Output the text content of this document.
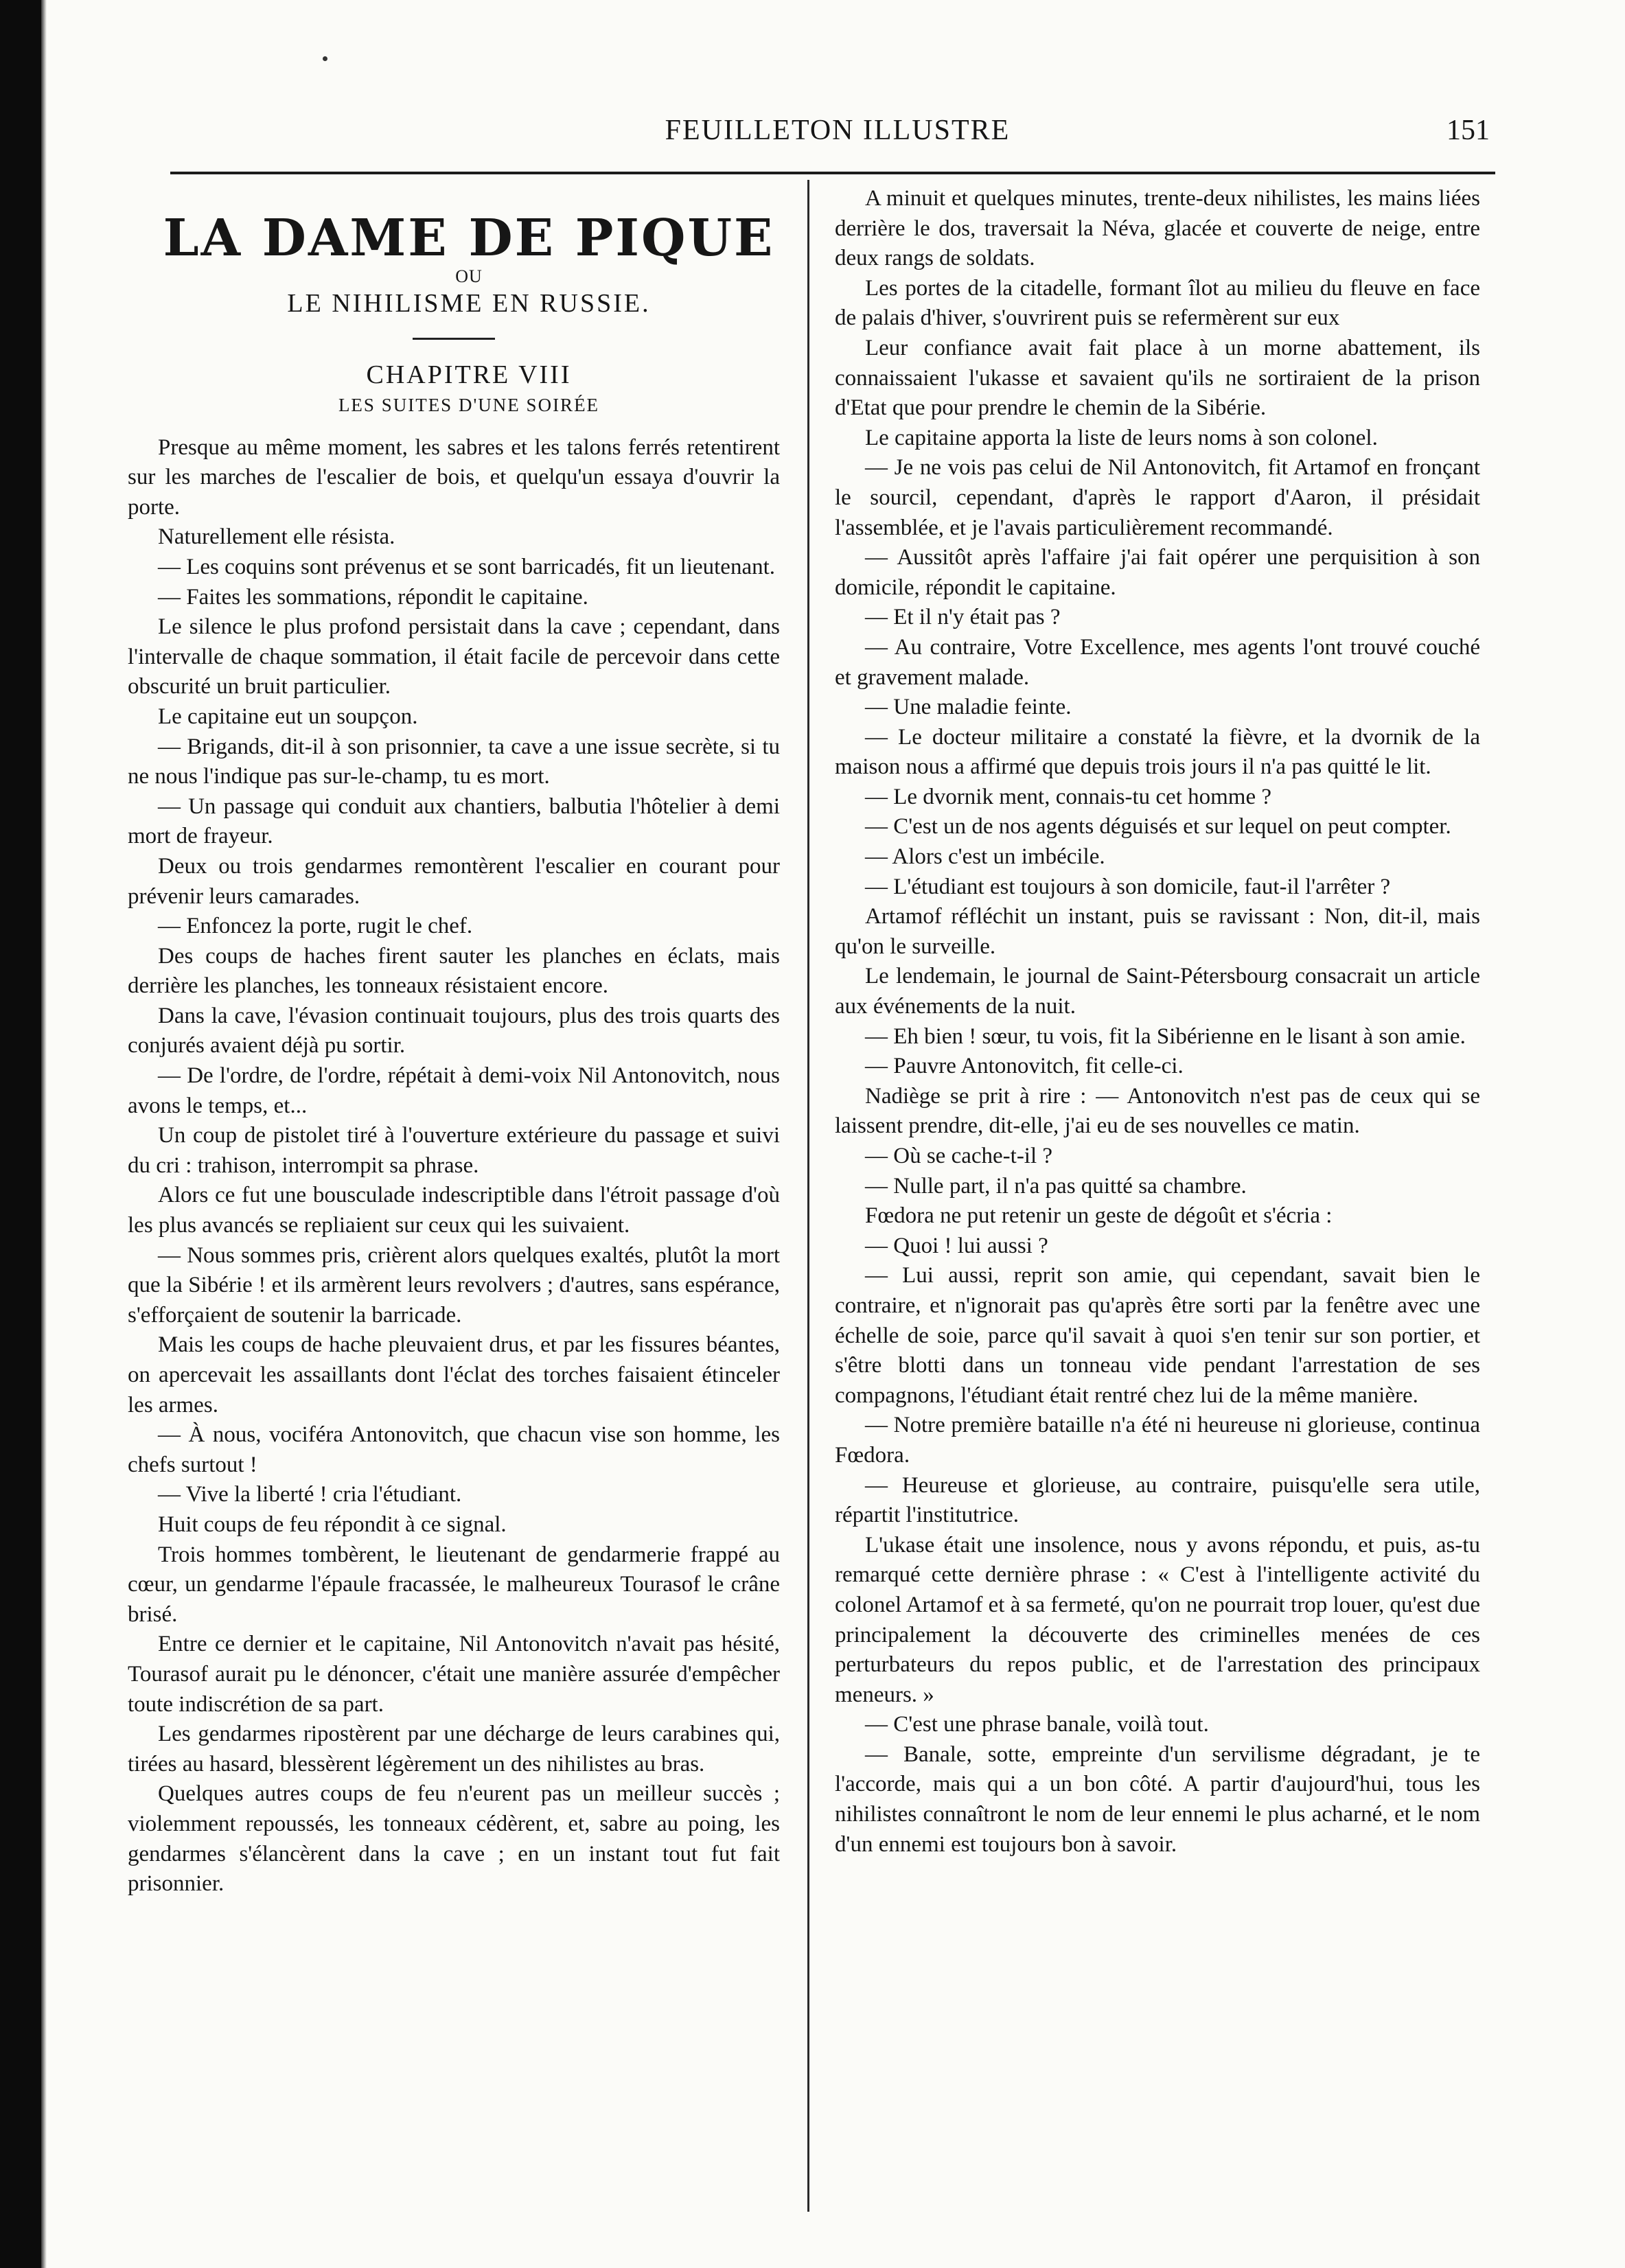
FEUILLETON ILLUSTRE	151

LA DAME DE PIQUE

OU

LE NIHILISME EN RUSSIE.

CHAPITRE VIII

LES SUITES D'UNE SOIRÉE

Presque au même moment, les sabres et les talons ferrés retentirent sur les marches de l'escalier de bois, et quelqu'un essaya d'ouvrir la porte.

Naturellement elle résista.

— Les coquins sont prévenus et se sont barricadés, fit un lieutenant.

— Faites les sommations, répondit le capitaine.

Le silence le plus profond persistait dans la cave ; cependant, dans l'intervalle de chaque sommation, il était facile de percevoir dans cette obscurité un bruit particulier.

Le capitaine eut un soupçon.

— Brigands, dit-il à son prisonnier, ta cave a une issue secrète, si tu ne nous l'indique pas sur-le-champ, tu es mort.

— Un passage qui conduit aux chantiers, balbutia l'hôtelier à demi mort de frayeur.

Deux ou trois gendarmes remontèrent l'escalier en courant pour prévenir leurs camarades.

— Enfoncez la porte, rugit le chef.

Des coups de haches firent sauter les planches en éclats, mais derrière les planches, les tonneaux résistaient encore.

Dans la cave, l'évasion continuait toujours, plus des trois quarts des conjurés avaient déjà pu sortir.

— De l'ordre, de l'ordre, répétait à demi-voix Nil Antonovitch, nous avons le temps, et...

Un coup de pistolet tiré à l'ouverture extérieure du passage et suivi du cri : trahison, interrompit sa phrase.

Alors ce fut une bousculade indescriptible dans l'étroit passage d'où les plus avancés se repliaient sur ceux qui les suivaient.

— Nous sommes pris, crièrent alors quelques exaltés, plutôt la mort que la Sibérie ! et ils armèrent leurs revolvers ; d'autres, sans espérance, s'efforçaient de soutenir la barricade.

Mais les coups de hache pleuvaient drus, et par les fissures béantes, on apercevait les assaillants dont l'éclat des torches faisaient étinceler les armes.

— À nous, vociféra Antonovitch, que chacun vise son homme, les chefs surtout !

— Vive la liberté ! cria l'étudiant.

Huit coups de feu répondit à ce signal.

Trois hommes tombèrent, le lieutenant de gendarmerie frappé au cœur, un gendarme l'épaule fracassée, le malheureux Tourasof le crâne brisé.

Entre ce dernier et le capitaine, Nil Antonovitch n'avait pas hésité, Tourasof aurait pu le dénoncer, c'était une manière assurée d'empêcher toute indiscrétion de sa part.

Les gendarmes ripostèrent par une décharge de leurs carabines qui, tirées au hasard, blessèrent légèrement un des nihilistes au bras.

Quelques autres coups de feu n'eurent pas un meilleur succès ; violemment repoussés, les tonneaux cédèrent, et, sabre au poing, les gendarmes s'élancèrent dans la cave ; en un instant tout fut fait prisonnier.

A minuit et quelques minutes, trente-deux nihilistes, les mains liées derrière le dos, traversait la Néva, glacée et couverte de neige, entre deux rangs de soldats.

Les portes de la citadelle, formant îlot au milieu du fleuve en face de palais d'hiver, s'ouvrirent puis se refermèrent sur eux

Leur confiance avait fait place à un morne abattement, ils connaissaient l'ukasse et savaient qu'ils ne sortiraient de la prison d'Etat que pour prendre le chemin de la Sibérie.

Le capitaine apporta la liste de leurs noms à son colonel.

— Je ne vois pas celui de Nil Antonovitch, fit Artamof en fronçant le sourcil, cependant, d'après le rapport d'Aaron, il présidait l'assemblée, et je l'avais particulièrement recommandé.

— Aussitôt après l'affaire j'ai fait opérer une perquisition à son domicile, répondit le capitaine.

— Et il n'y était pas ?

— Au contraire, Votre Excellence, mes agents l'ont trouvé couché et gravement malade.

— Une maladie feinte.

— Le docteur militaire a constaté la fièvre, et la dvornik de la maison nous a affirmé que depuis trois jours il n'a pas quitté le lit.

— Le dvornik ment, connais-tu cet homme ?

— C'est un de nos agents déguisés et sur lequel on peut compter.

— Alors c'est un imbécile.

— L'étudiant est toujours à son domicile, faut-il l'arrêter ?

Artamof réfléchit un instant, puis se ravissant : Non, dit-il, mais qu'on le surveille.

Le lendemain, le journal de Saint-Pétersbourg consacrait un article aux événements de la nuit.

— Eh bien ! sœur, tu vois, fit la Sibérienne en le lisant à son amie.

— Pauvre Antonovitch, fit celle-ci.

Nadiège se prit à rire : — Antonovitch n'est pas de ceux qui se laissent prendre, dit-elle, j'ai eu de ses nouvelles ce matin.

— Où se cache-t-il ?

— Nulle part, il n'a pas quitté sa chambre.

Fœdora ne put retenir un geste de dégoût et s'écria :

— Quoi ! lui aussi ?

— Lui aussi, reprit son amie, qui cependant, savait bien le contraire, et n'ignorait pas qu'après être sorti par la fenêtre avec une échelle de soie, parce qu'il savait à quoi s'en tenir sur son portier, et s'être blotti dans un tonneau vide pendant l'arrestation de ses compagnons, l'étudiant était rentré chez lui de la même manière.

— Notre première bataille n'a été ni heureuse ni glorieuse, continua Fœdora.

— Heureuse et glorieuse, au contraire, puisqu'elle sera utile, répartit l'institutrice.

L'ukase était une insolence, nous y avons répondu, et puis, as-tu remarqué cette dernière phrase : « C'est à l'intelligente activité du colonel Artamof et à sa fermeté, qu'on ne pourrait trop louer, qu'est due principalement la découverte des criminelles menées de ces perturbateurs du repos public, et de l'arrestation des principaux meneurs. »

— C'est une phrase banale, voilà tout.

— Banale, sotte, empreinte d'un servilisme dégradant, je te l'accorde, mais qui a un bon côté. A partir d'aujourd'hui, tous les nihilistes connaîtront le nom de leur ennemi le plus acharné, et le nom d'un ennemi est toujours bon à savoir.
